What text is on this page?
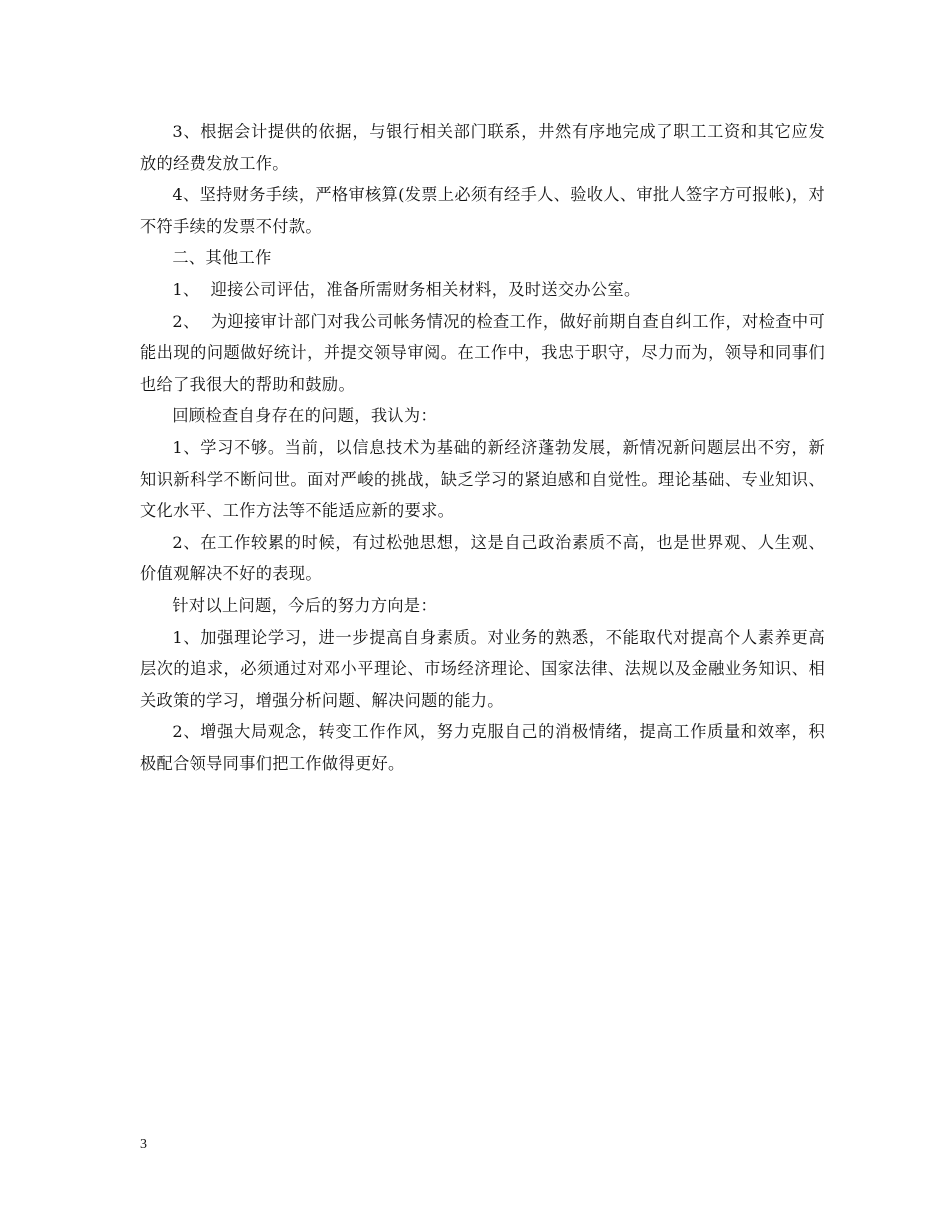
3、根据会计提供的依据，与银行相关部门联系，井然有序地完成了职工工资和其它应发放的经费发放工作。

4、坚持财务手续，严格审核算(发票上必须有经手人、验收人、审批人签字方可报帐)，对不符手续的发票不付款。

二、其他工作

1、  迎接公司评估，准备所需财务相关材料，及时送交办公室。

2、  为迎接审计部门对我公司帐务情况的检查工作，做好前期自查自纠工作，对检查中可能出现的问题做好统计，并提交领导审阅。在工作中，我忠于职守，尽力而为，领导和同事们也给了我很大的帮助和鼓励。

回顾检查自身存在的问题，我认为：

1、学习不够。当前，以信息技术为基础的新经济蓬勃发展，新情况新问题层出不穷，新知识新科学不断问世。面对严峻的挑战，缺乏学习的紧迫感和自觉性。理论基础、专业知识、文化水平、工作方法等不能适应新的要求。

2、在工作较累的时候，有过松弛思想，这是自己政治素质不高，也是世界观、人生观、价值观解决不好的表现。

针对以上问题，今后的努力方向是：

1、加强理论学习，进一步提高自身素质。对业务的熟悉，不能取代对提高个人素养更高层次的追求，必须通过对邓小平理论、市场经济理论、国家法律、法规以及金融业务知识、相关政策的学习，增强分析问题、解决问题的能力。

2、增强大局观念，转变工作作风，努力克服自己的消极情绪，提高工作质量和效率，积极配合领导同事们把工作做得更好。

3
